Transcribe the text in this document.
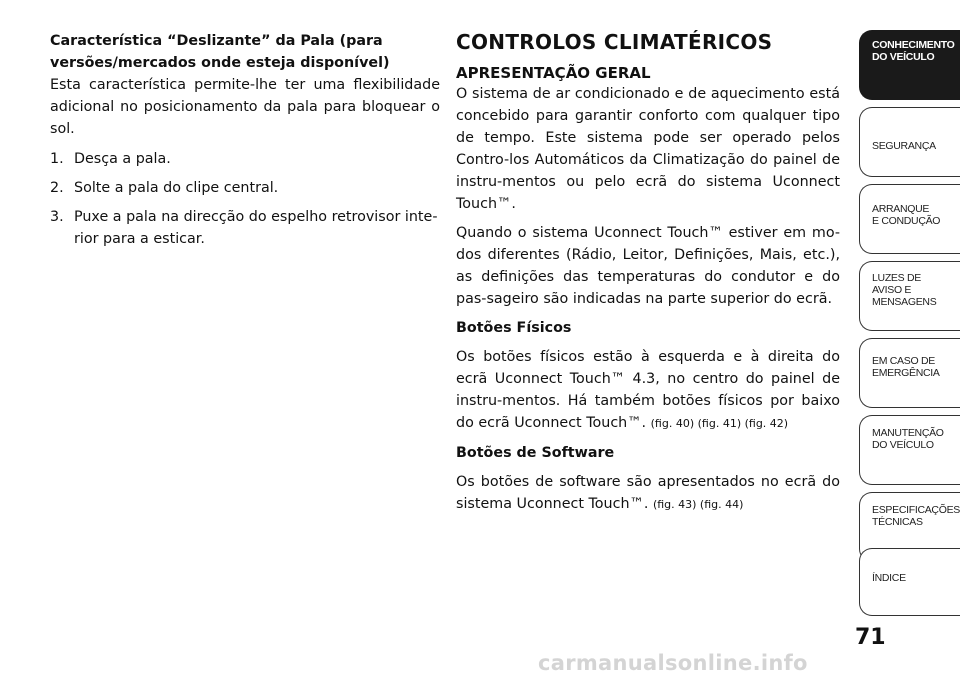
Característica “Deslizante” da Pala (para versões/mercados onde esteja disponível)

Esta característica permite-lhe ter uma flexibilidade adicional no posicionamento da pala para bloquear o sol.

1. Desça a pala.
2. Solte a pala do clipe central.
3. Puxe a pala na direcção do espelho retrovisor inte-rior para a esticar.

CONTROLOS CLIMATÉRICOS

APRESENTAÇÃO GERAL

O sistema de ar condicionado e de aquecimento está concebido para garantir conforto com qualquer tipo de tempo. Este sistema pode ser operado pelos Contro-los Automáticos da Climatização do painel de instru-mentos ou pelo ecrã do sistema Uconnect Touch™.

Quando o sistema Uconnect Touch™ estiver em mo-dos diferentes (Rádio, Leitor, Definições, Mais, etc.), as definições das temperaturas do condutor e do pas-sageiro são indicadas na parte superior do ecrã.

Botões Físicos

Os botões físicos estão à esquerda e à direita do ecrã Uconnect Touch™ 4.3, no centro do painel de instru-mentos. Há também botões físicos por baixo do ecrã Uconnect Touch™. (fig. 40) (fig. 41) (fig. 42)

Botões de Software

Os botões de software são apresentados no ecrã do sistema Uconnect Touch™. (fig. 43) (fig. 44)

CONHECIMENTO
DO VEÍCULO
SEGURANÇA
ARRANQUE
E CONDUÇÃO
LUZES DE
AVISO E
MENSAGENS
EM CASO DE
EMERGÊNCIA
MANUTENÇÃO
DO VEÍCULO
ESPECIFICAÇÕES
TÉCNICAS
ÍNDICE
71
carmanualsonline.info
